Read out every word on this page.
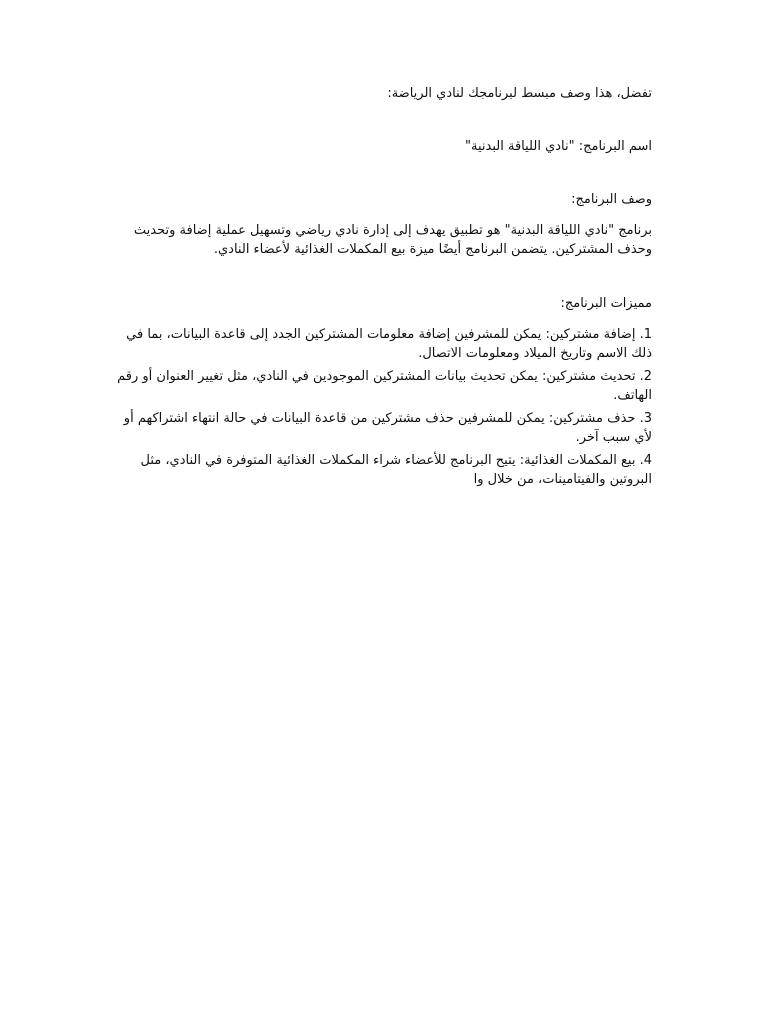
تفضل، هذا وصف مبسط لبرنامجك لنادي الرياضة:

اسم البرنامج: "نادي اللياقة البدنية"

وصف البرنامج:

برنامج "نادي اللياقة البدنية" هو تطبيق يهدف إلى إدارة نادي رياضي وتسهيل عملية إضافة وتحديث وحذف المشتركين. يتضمن البرنامج أيضًا ميزة بيع المكملات الغذائية لأعضاء النادي.

مميزات البرنامج:

1. إضافة مشتركين: يمكن للمشرفين إضافة معلومات المشتركين الجدد إلى قاعدة البيانات، بما في ذلك الاسم وتاريخ الميلاد ومعلومات الاتصال.
2. تحديث مشتركين: يمكن تحديث بيانات المشتركين الموجودين في النادي، مثل تغيير العنوان أو رقم الهاتف.
3. حذف مشتركين: يمكن للمشرفين حذف مشتركين من قاعدة البيانات في حالة انتهاء اشتراكهم أو لأي سبب آخر.
4. بيع المكملات الغذائية: يتيح البرنامج للأعضاء شراء المكملات الغذائية المتوفرة في النادي، مثل البروتين والفيتامينات، من خلال وا
